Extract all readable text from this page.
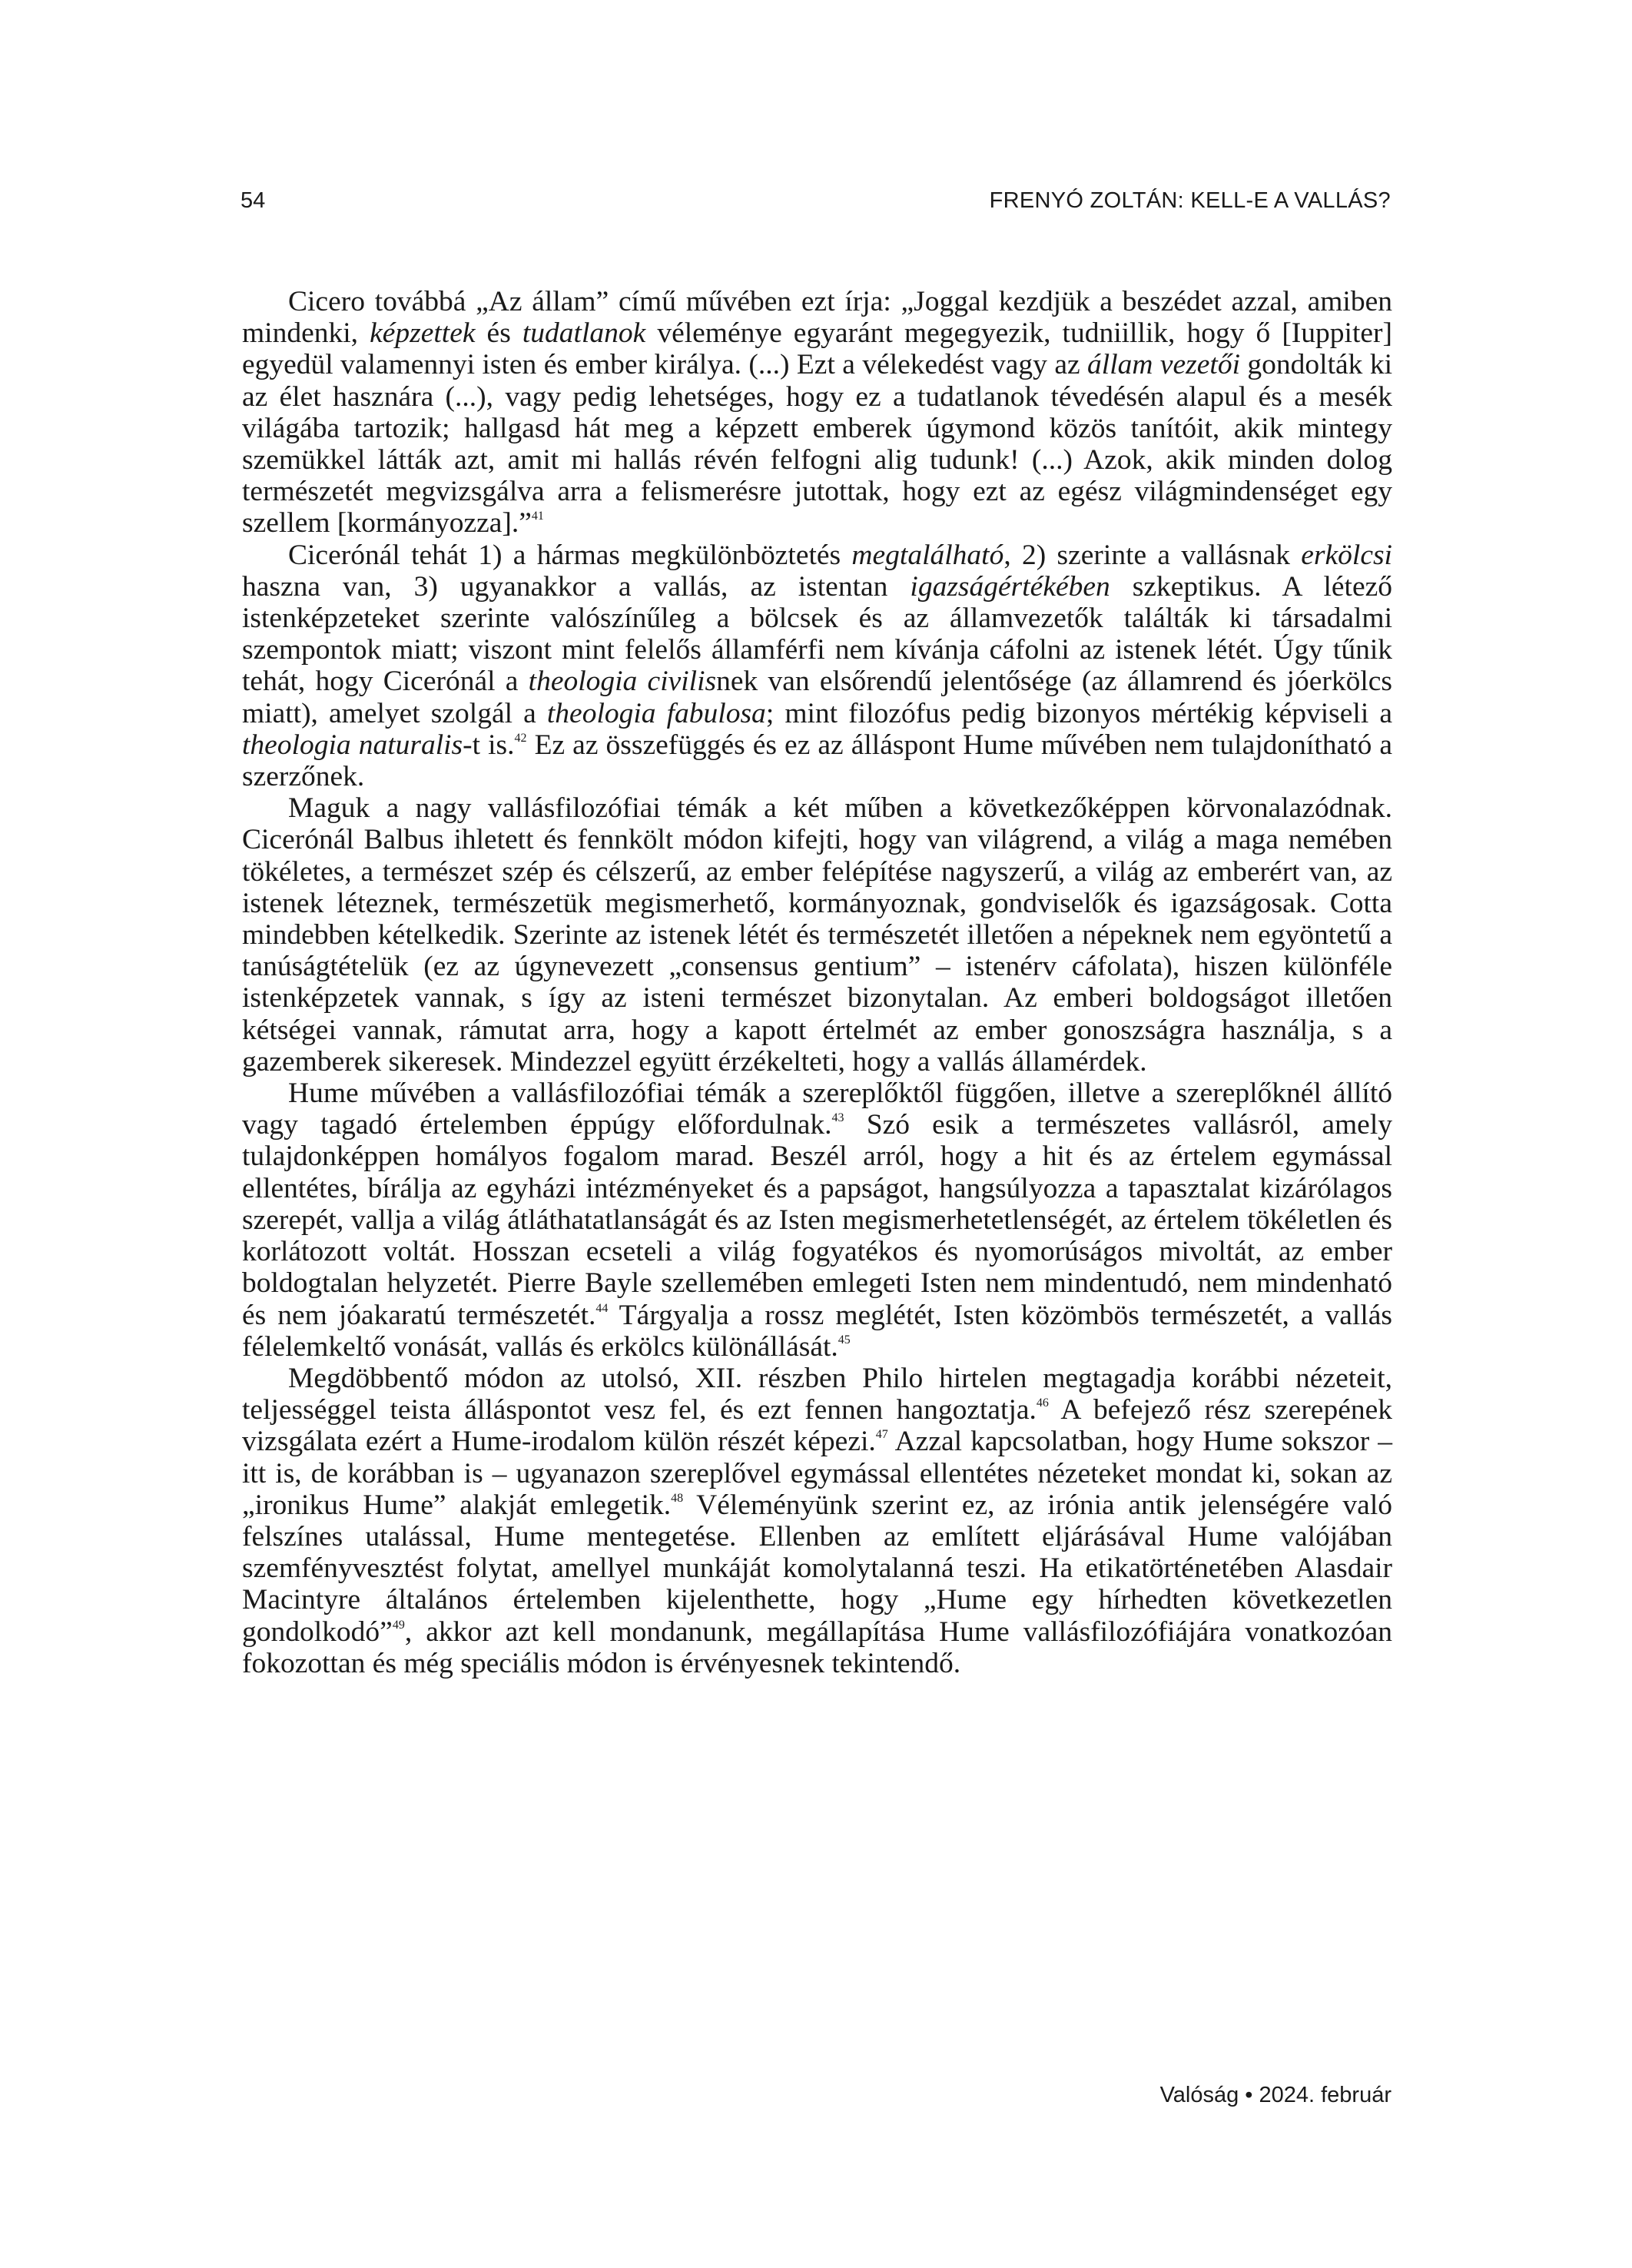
54	FRENYÓ ZOLTÁN: KELL-E A VALLÁS?

Cicero továbbá „Az állam” című művében ezt írja: „Joggal kezdjük a beszédet azzal, amiben mindenki, képzettek és tudatlanok véleménye egyaránt megegyezik, tudniillik, hogy ő [Iuppiter] egyedül valamennyi isten és ember királya. (...) Ezt a vélekedést vagy az állam vezetői gondolták ki az élet hasznára (...), vagy pedig lehetséges, hogy ez a tudatlanok tévedésén alapul és a mesék világába tartozik; hallgasd hát meg a képzett emberek úgymond közös tanítóit, akik mintegy szemükkel látták azt, amit mi hallás révén felfogni alig tudunk! (...) Azok, akik minden dolog természetét megvizsgálva arra a felismerésre jutottak, hogy ezt az egész világmindenséget egy szellem [kormányozza].”$^{41}$

Cicerónál tehát 1) a hármas megkülönböztetés megtalálható, 2) szerinte a vallásnak erkölcsi haszna van, 3) ugyanakkor a vallás, az istentan igazságértékében szkeptikus. A létező istenképzeteket szerinte valószínűleg a bölcsek és az államvezetők találták ki társadalmi szempontok miatt; viszont mint felelős államférfi nem kívánja cáfolni az istenek létét. Úgy tűnik tehát, hogy Cicerónál a theologia civilisnek van elsőrendű jelentősége (az államrend és jóerkölcs miatt), amelyet szolgál a theologia fabulosa; mint filozófus pedig bizonyos mértékig képviseli a theologia naturalis-t is.$^{42}$ Ez az összefüggés és ez az álláspont Hume művében nem tulajdonítható a szerzőnek.

Maguk a nagy vallásfilozófiai témák a két műben a következőképpen körvonalazódnak. Cicerónál Balbus ihletett és fennkölt módon kifejti, hogy van világrend, a világ a maga nemében tökéletes, a természet szép és célszerű, az ember felépítése nagyszerű, a világ az emberért van, az istenek léteznek, természetük megismerhető, kormányoznak, gondviselők és igazságosak. Cotta mindebben kételkedik. Szerinte az istenek létét és természetét illetően a népeknek nem egyöntetű a tanúságtételük (ez az úgynevezett „consensus gentium” – istenérv cáfolata), hiszen különféle istenképzetek vannak, s így az isteni természet bizonytalan. Az emberi boldogságot illetően kétségei vannak, rámutat arra, hogy a kapott értelmét az ember gonoszságra használja, s a gazemberek sikeresek. Mindezzel együtt érzékelteti, hogy a vallás államérdek.

Hume művében a vallásfilozófiai témák a szereplőktől függően, illetve a szereplőknél állító vagy tagadó értelemben éppúgy előfordulnak.$^{43}$ Szó esik a természetes vallásról, amely tulajdonképpen homályos fogalom marad. Beszél arról, hogy a hit és az értelem egymással ellentétes, bírálja az egyházi intézményeket és a papságot, hangsúlyozza a tapasztalat kizárólagos szerepét, vallja a világ átláthatatlanságát és az Isten megismerhetetlenségét, az értelem tökéletlen és korlátozott voltát. Hosszan ecseteli a világ fogyatékos és nyomorúságos mivoltát, az ember boldogtalan helyzetét. Pierre Bayle szellemében emlegeti Isten nem mindentudó, nem mindenható és nem jóakaratú természetét.$^{44}$ Tárgyalja a rossz meglétét, Isten közömbös természetét, a vallás félelemkeltő vonását, vallás és erkölcs különállását.$^{45}$

Megdöbbentő módon az utolsó, XII. részben Philo hirtelen megtagadja korábbi nézeteit, teljességgel teista álláspontot vesz fel, és ezt fennen hangoztatja.$^{46}$ A befejező rész szerepének vizsgálata ezért a Hume-irodalom külön részét képezi.$^{47}$ Azzal kapcsolatban, hogy Hume sokszor – itt is, de korábban is – ugyanazon szereplővel egymással ellentétes nézeteket mondat ki, sokan az „ironikus Hume” alakját emlegetik.$^{48}$ Véleményünk szerint ez, az irónia antik jelenségére való felszínes utalással, Hume mentegetése. Ellenben az említett eljárásával Hume valójában szemfényvesztést folytat, amellyel munkáját komolytalanná teszi. Ha etikatörténetében Alasdair Macintyre általános értelemben kijelenthette, hogy „Hume egy hírhedten következetlen gondolkodó”$^{49}$, akkor azt kell mondanunk, megállapítása Hume vallásfilozófiájára vonatkozóan fokozottan és még speciális módon is érvényesnek tekintendő.

Valóság • 2024. február
